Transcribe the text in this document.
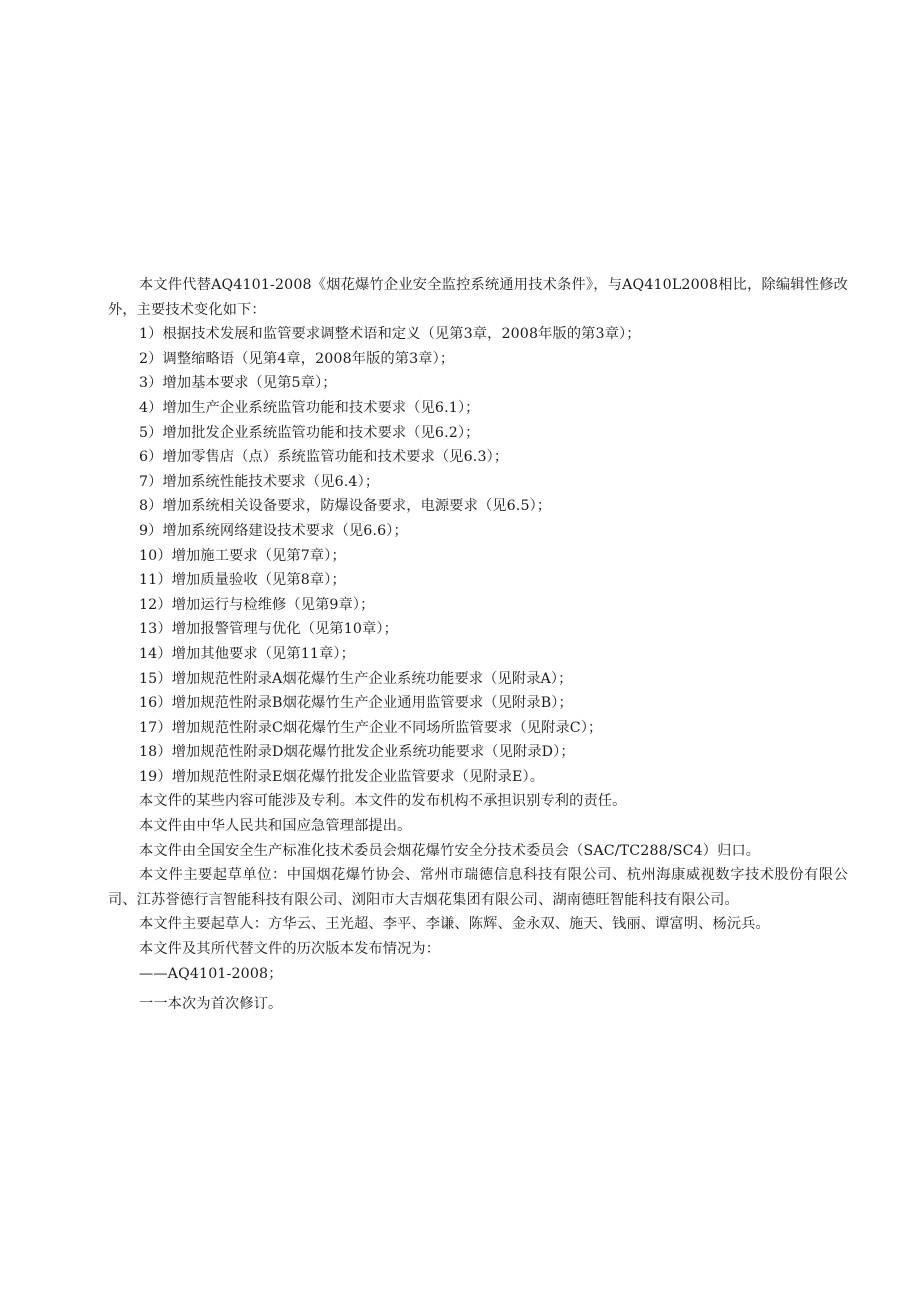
本文件代替AQ4101-2008《烟花爆竹企业安全监控系统通用技术条件》，与AQ410L2008相比，除编辑性修改外，主要技术变化如下：

1）根据技术发展和监管要求调整术语和定义（见第3章，2008年版的第3章）；

2）调整缩略语（见第4章，2008年版的第3章）；

3）增加基本要求（见第5章）；

4）增加生产企业系统监管功能和技术要求（见6.1）；

5）增加批发企业系统监管功能和技术要求（见6.2）；

6）增加零售店（点）系统监管功能和技术要求（见6.3）；

7）增加系统性能技术要求（见6.4）；

8）增加系统相关设备要求，防爆设备要求，电源要求（见6.5）；

9）增加系统网络建设技术要求（见6.6）；

10）增加施工要求（见第7章）；

11）增加质量验收（见第8章）；

12）增加运行与检维修（见第9章）；

13）增加报警管理与优化（见第10章）；

14）增加其他要求（见第11章）；

15）增加规范性附录A烟花爆竹生产企业系统功能要求（见附录A）；

16）增加规范性附录B烟花爆竹生产企业通用监管要求（见附录B）；

17）增加规范性附录C烟花爆竹生产企业不同场所监管要求（见附录C）；

18）增加规范性附录D烟花爆竹批发企业系统功能要求（见附录D）；

19）增加规范性附录E烟花爆竹批发企业监管要求（见附录E）。

本文件的某些内容可能涉及专利。本文件的发布机构不承担识别专利的责任。

本文件由中华人民共和国应急管理部提出。

本文件由全国安全生产标准化技术委员会烟花爆竹安全分技术委员会（SAC/TC288/SC4）归口。

本文件主要起草单位：中国烟花爆竹协会、常州市瑞德信息科技有限公司、杭州海康威视数字技术股份有限公司、江苏誉德行言智能科技有限公司、浏阳市大吉烟花集团有限公司、湖南德旺智能科技有限公司。

本文件主要起草人：方华云、王光超、李平、李谦、陈辉、金永双、施天、钱丽、谭富明、杨沅兵。

本文件及其所代替文件的历次版本发布情况为：

——AQ4101-2008；

一一本次为首次修订。
